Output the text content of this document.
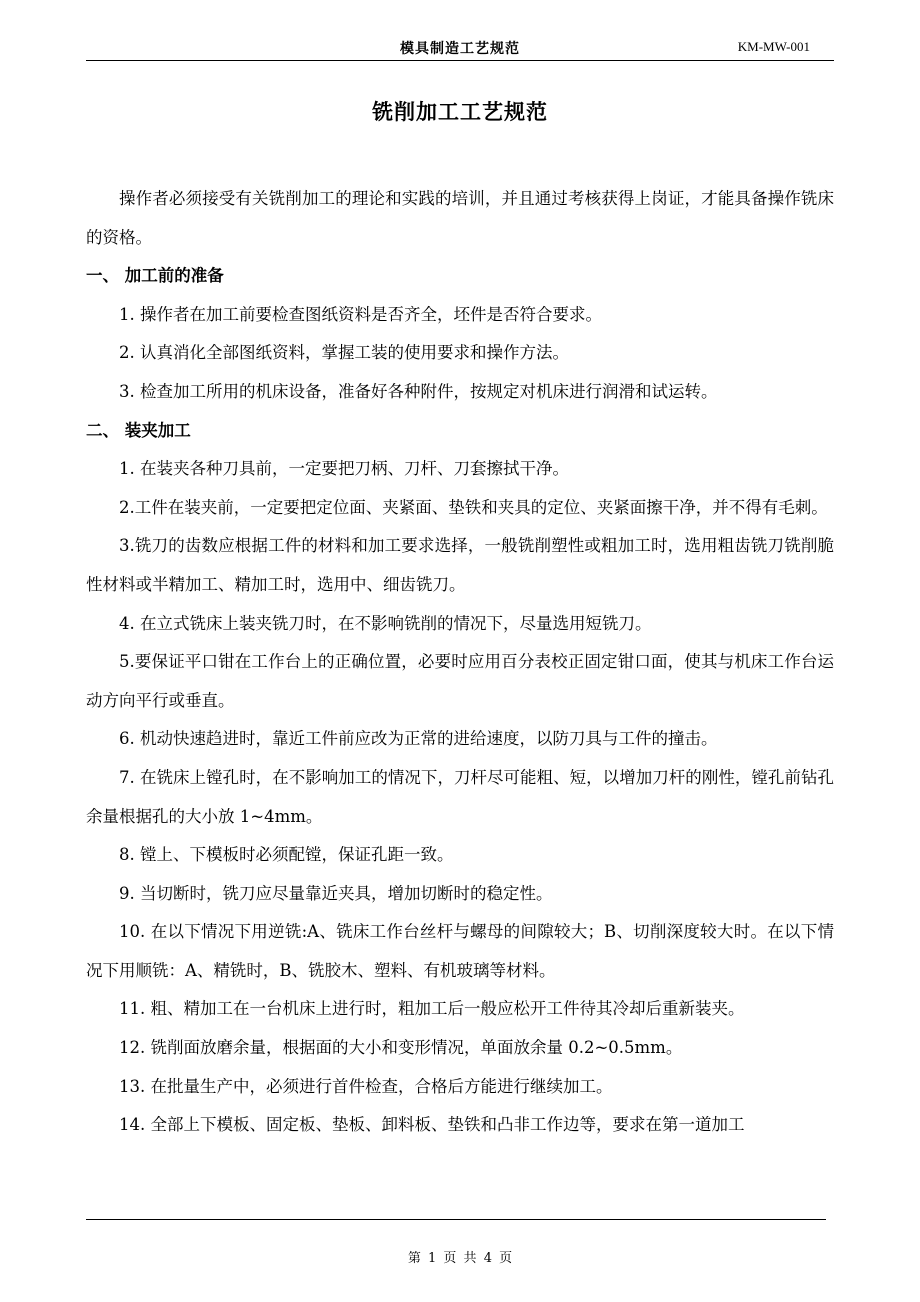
模具制造工艺规范	KM-MW-001
铣削加工工艺规范

操作者必须接受有关铣削加工的理论和实践的培训，并且通过考核获得上岗证，才能具备操作铣床的资格。

一、 加工前的准备

1. 操作者在加工前要检查图纸资料是否齐全，坯件是否符合要求。

2. 认真消化全部图纸资料，掌握工装的使用要求和操作方法。

3. 检查加工所用的机床设备，准备好各种附件，按规定对机床进行润滑和试运转。

二、 装夹加工

1. 在装夹各种刀具前，一定要把刀柄、刀杆、刀套擦拭干净。

2.工件在装夹前，一定要把定位面、夹紧面、垫铁和夹具的定位、夹紧面擦干净，并不得有毛刺。

3.铣刀的齿数应根据工件的材料和加工要求选择，一般铣削塑性或粗加工时，选用粗齿铣刀铣削脆性材料或半精加工、精加工时，选用中、细齿铣刀。

4. 在立式铣床上装夹铣刀时，在不影响铣削的情况下，尽量选用短铣刀。

5.要保证平口钳在工作台上的正确位置，必要时应用百分表校正固定钳口面，使其与机床工作台运动方向平行或垂直。

6. 机动快速趋进时，靠近工件前应改为正常的进给速度，以防刀具与工件的撞击。

7. 在铣床上镗孔时，在不影响加工的情况下，刀杆尽可能粗、短，以增加刀杆的刚性，镗孔前钻孔余量根据孔的大小放 1~4mm。

8. 镗上、下模板时必须配镗，保证孔距一致。

9. 当切断时，铣刀应尽量靠近夹具，增加切断时的稳定性。

10. 在以下情况下用逆铣:A、铣床工作台丝杆与螺母的间隙较大；B、切削深度较大时。在以下情况下用顺铣：A、精铣时，B、铣胶木、塑料、有机玻璃等材料。

11. 粗、精加工在一台机床上进行时，粗加工后一般应松开工件待其冷却后重新装夹。

12. 铣削面放磨余量，根据面的大小和变形情况，单面放余量 0.2~0.5mm。

13. 在批量生产中，必须进行首件检查，合格后方能进行继续加工。

14. 全部上下模板、固定板、垫板、卸料板、垫铁和凸非工作边等，要求在第一道加工

第 1 页 共 4 页
